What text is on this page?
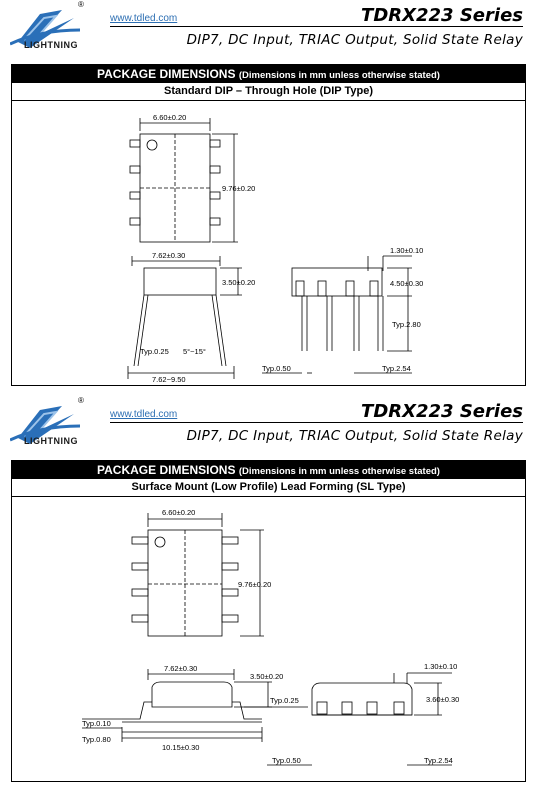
®
LIGHTNING
www.tdled.com	TDRX223 Series
DIP7, DC Input, TRIAC Output, Solid State Relay
PACKAGE DIMENSIONS (Dimensions in mm unless otherwise stated)
Standard DIP – Through Hole (DIP Type)
6.60±0.20
9.76±0.20
7.62±0.30
3.50±0.20
Typ.0.25 5°~15°
7.62~9.50
1.30±0.10
4.50±0.30
Typ.2.80
Typ.0.50	Typ.2.54
®
LIGHTNING
www.tdled.com	TDRX223 Series
DIP7, DC Input, TRIAC Output, Solid State Relay
PACKAGE DIMENSIONS (Dimensions in mm unless otherwise stated)
Surface Mount (Low Profile) Lead Forming (SL Type)
6.60±0.20
9.76±0.20
7.62±0.30
3.50±0.20
Typ.0.25
Typ.0.10
Typ.0.80
10.15±0.30
1.30±0.10
3.60±0.30
Typ.0.50	Typ.2.54
